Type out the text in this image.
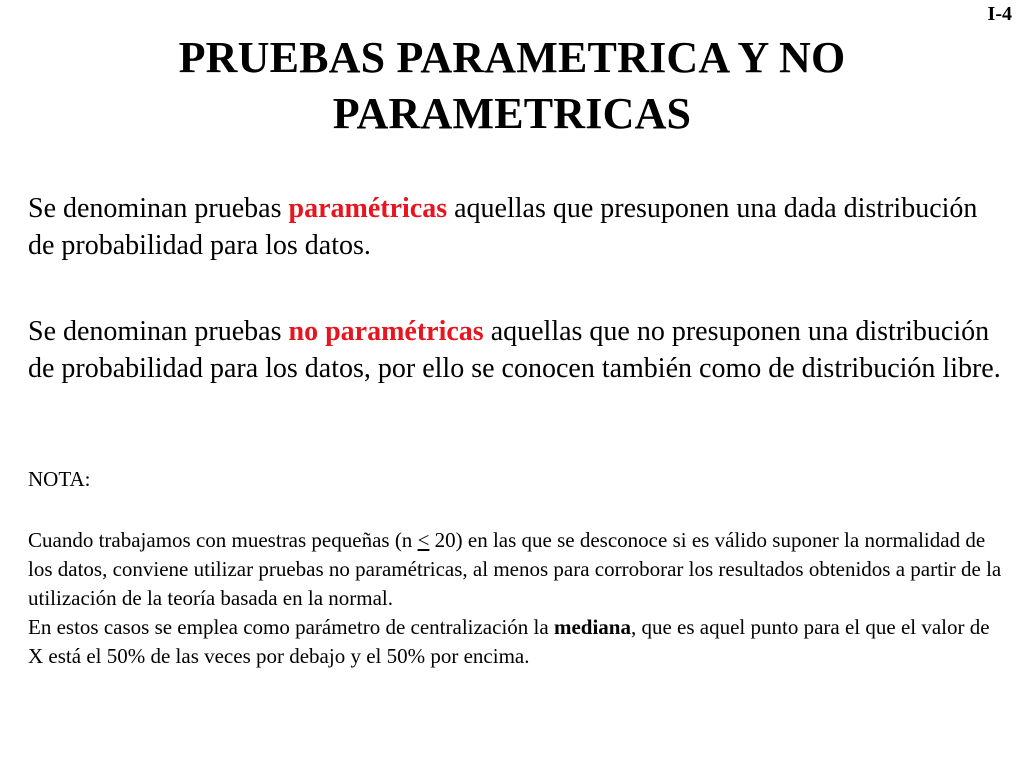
I-4
PRUEBAS PARAMETRICA Y NO
PARAMETRICAS

Se denominan pruebas paramétricas aquellas que presuponen una dada distribución de probabilidad para los datos.

Se denominan pruebas no paramétricas aquellas que no presuponen una distribución de probabilidad para los datos, por ello se conocen también como de distribución libre.

NOTA:

Cuando trabajamos con muestras pequeñas (n ≤ 20) en las que se desconoce si es válido suponer la normalidad de los datos, conviene utilizar pruebas no paramétricas, al menos para corroborar los resultados obtenidos a partir de la utilización de la teoría basada en la normal.
En estos casos se emplea como parámetro de centralización la mediana, que es aquel punto para el que el valor de X está el 50% de las veces por debajo y el 50% por encima.
